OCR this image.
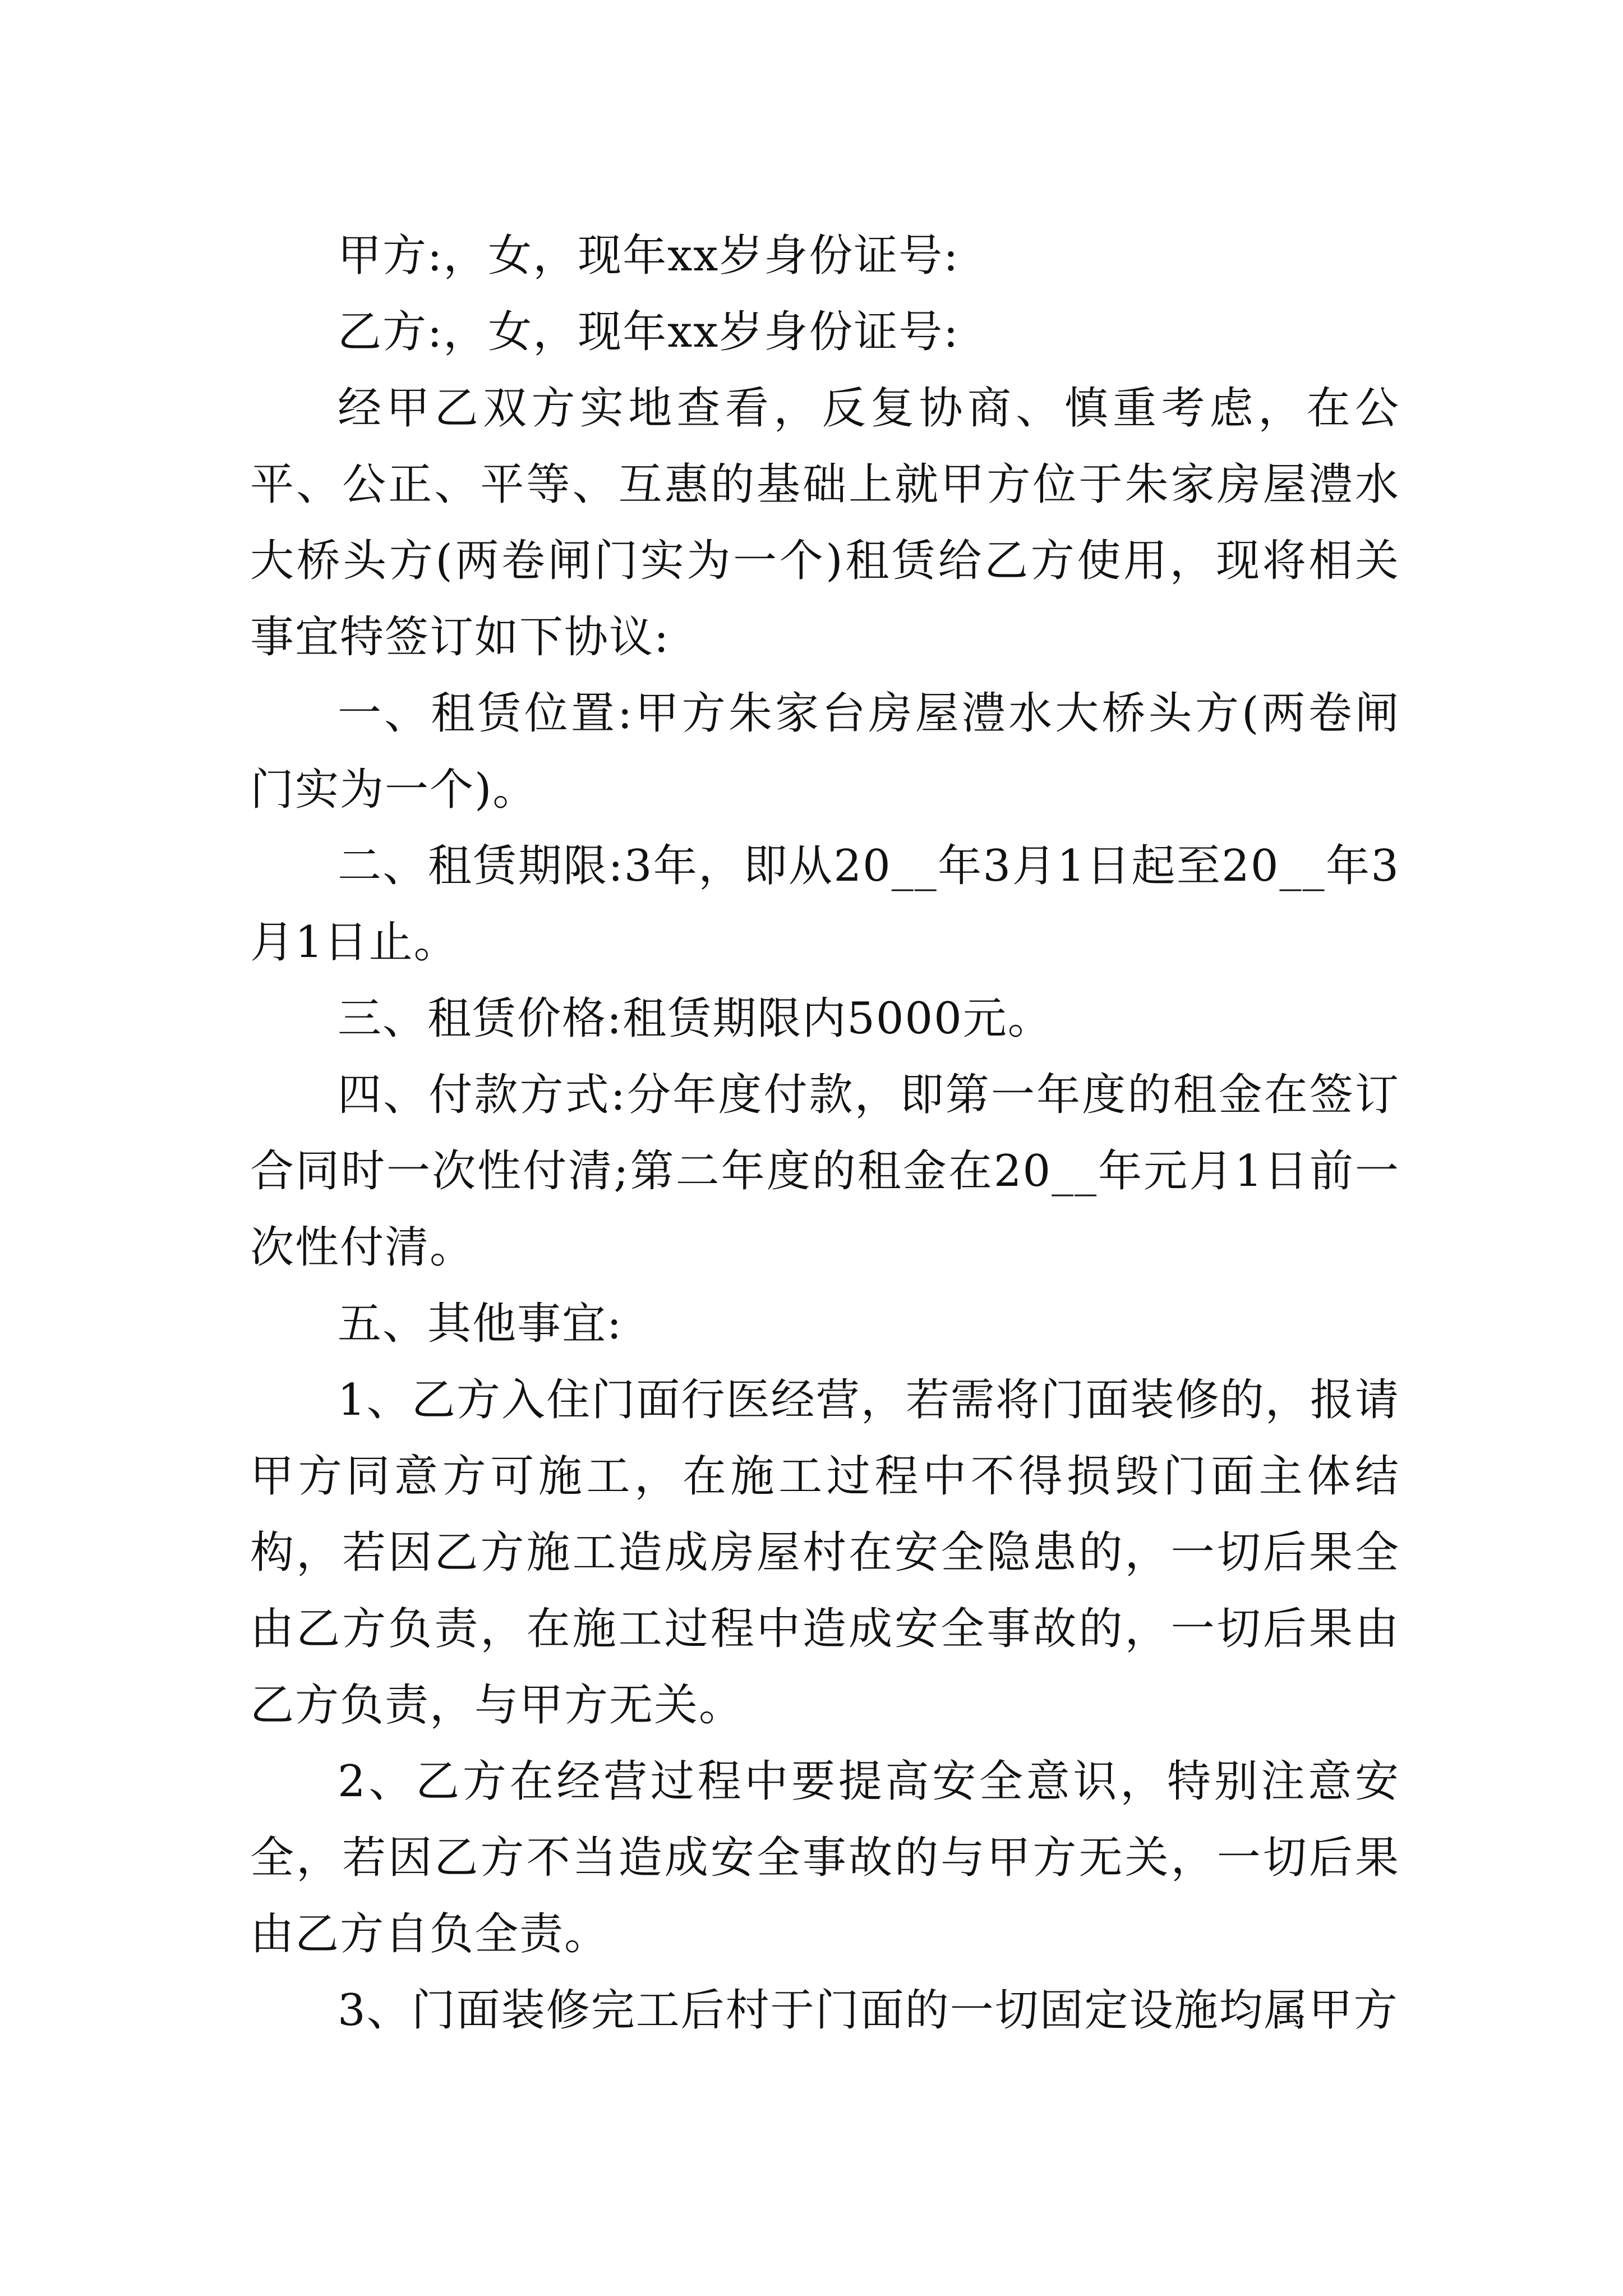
甲方:，女，现年xx岁身份证号:

乙方:，女，现年xx岁身份证号:

经甲乙双方实地查看，反复协商、慎重考虑，在公平、公正、平等、互惠的基础上就甲方位于朱家房屋澧水大桥头方(两卷闸门实为一个)租赁给乙方使用，现将相关事宜特签订如下协议:

一、租赁位置:甲方朱家台房屋澧水大桥头方(两卷闸门实为一个)。

二、租赁期限:3年，即从20__年3月1日起至20__年3月1日止。

三、租赁价格:租赁期限内5000元。

四、付款方式:分年度付款，即第一年度的租金在签订合同时一次性付清;第二年度的租金在20__年元月1日前一次性付清。

五、其他事宜:

1、乙方入住门面行医经营，若需将门面装修的，报请甲方同意方可施工，在施工过程中不得损毁门面主体结构，若因乙方施工造成房屋村在安全隐患的，一切后果全由乙方负责，在施工过程中造成安全事故的，一切后果由乙方负责，与甲方无关。

2、乙方在经营过程中要提高安全意识，特别注意安全，若因乙方不当造成安全事故的与甲方无关，一切后果由乙方自负全责。

3、门面装修完工后村于门面的一切固定设施均属甲方
